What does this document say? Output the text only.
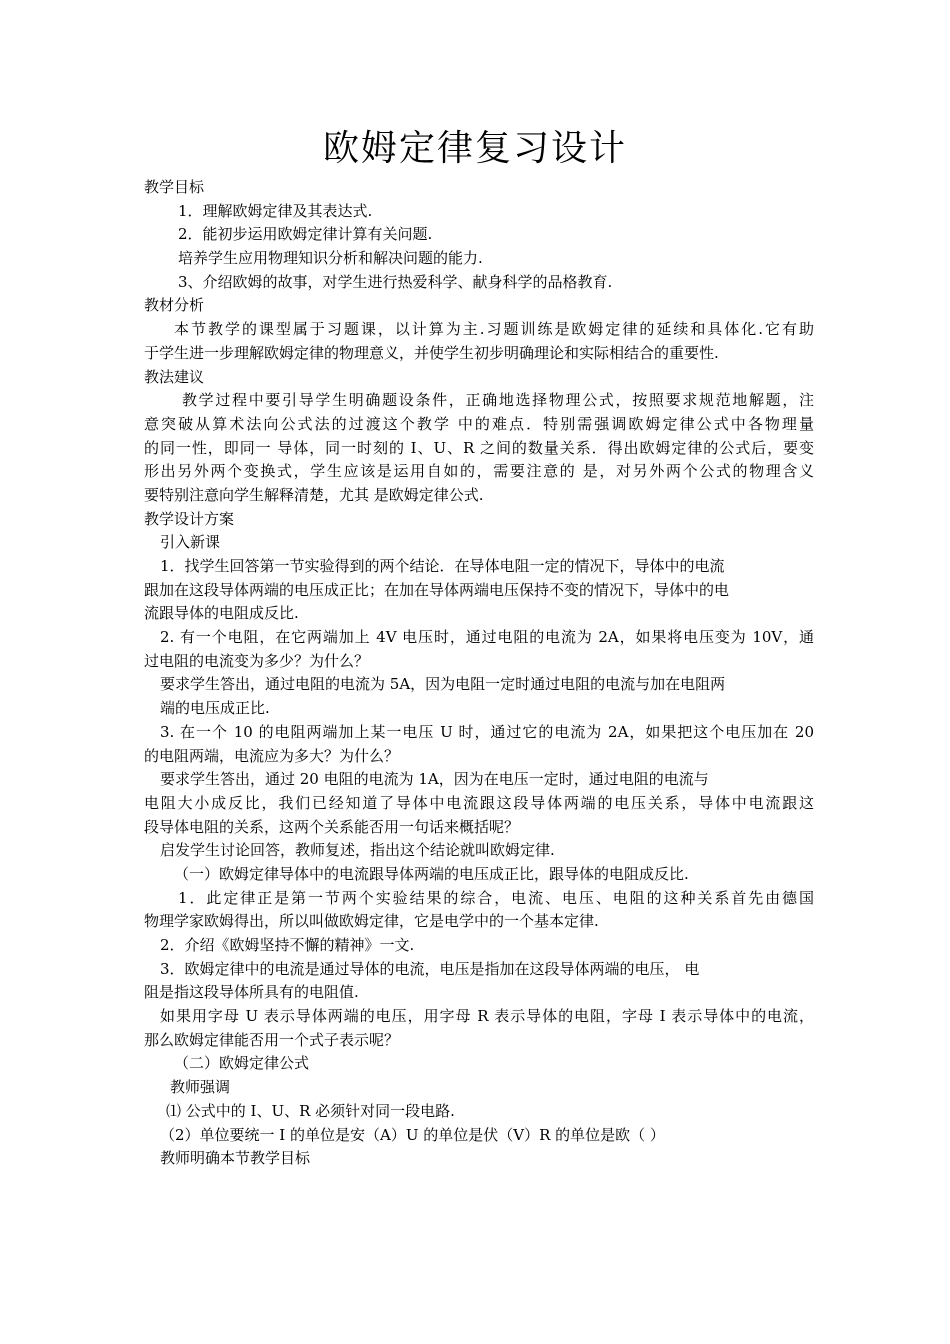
欧姆定律复习设计
教学目标
1．理解欧姆定律及其表达式.
2．能初步运用欧姆定律计算有关问题.
培养学生应用物理知识分析和解决问题的能力.
3、介绍欧姆的故事，对学生进行热爱科学、献身科学的品格教育.
教材分析
本节教学的课型属于习题课，以计算为主.习题训练是欧姆定律的延续和具体化.它有助
于学生进一步理解欧姆定律的物理意义，并使学生初步明确理论和实际相结合的重要性.
教法建议
教学过程中要引导学生明确题设条件，正确地选择物理公式，按照要求规范地解题，注
意突破从算术法向公式法的过渡这个教学 中的难点．特别需强调欧姆定律公式中各物理量
的同一性，即同一 导体，同一时刻的 I、U、R 之间的数量关系．得出欧姆定律的公式后，要变
形出另外两个变换式，学生应该是运用自如的，需要注意的 是，对另外两个公式的物理含义
要特别注意向学生解释清楚，尤其 是欧姆定律公式.
教学设计方案
引入新课
1．找学生回答第一节实验得到的两个结论．在导体电阻一定的情况下，导体中的电流
跟加在这段导体两端的电压成正比；在加在导体两端电压保持不变的情况下，导体中的电
流跟导体的电阻成反比.
2. 有一个电阻，在它两端加上 4V 电压时，通过电阻的电流为 2A，如果将电压变为 10V，通
过电阻的电流变为多少？为什么？
要求学生答出，通过电阻的电流为 5A，因为电阻一定时通过电阻的电流与加在电阻两
端的电压成正比.
3. 在一个 10 的电阻两端加上某一电压 U 时，通过它的电流为 2A，如果把这个电压加在 20
的电阻两端，电流应为多大？为什么？
要求学生答出，通过 20 电阻的电流为 1A，因为在电压一定时，通过电阻的电流与
电阻大小成反比，我们已经知道了导体中电流跟这段导体两端的电压关系，导体中电流跟这
段导体电阻的关系，这两个关系能否用一句话来概括呢？
启发学生讨论回答，教师复述，指出这个结论就叫欧姆定律.
（一）欧姆定律导体中的电流跟导体两端的电压成正比，跟导体的电阻成反比.
1．此定律正是第一节两个实验结果的综合，电流、电压、电阻的这种关系首先由德国
物理学家欧姆得出，所以叫做欧姆定律，它是电学中的一个基本定律.
2．介绍《欧姆坚持不懈的精神》一文.
3．欧姆定律中的电流是通过导体的电流，电压是指加在这段导体两端的电压， 电
阻是指这段导体所具有的电阻值.
如果用字母 U 表示导体两端的电压，用字母 R 表示导体的电阻，字母 I 表示导体中的电流，
那么欧姆定律能否用一个式子表示呢？
（二）欧姆定律公式
教师强调
⑴ 公式中的 I、U、R 必须针对同一段电路.
（2）单位要统一 I 的单位是安（A）U 的单位是伏（V）R 的单位是欧（ ）
教师明确本节教学目标
